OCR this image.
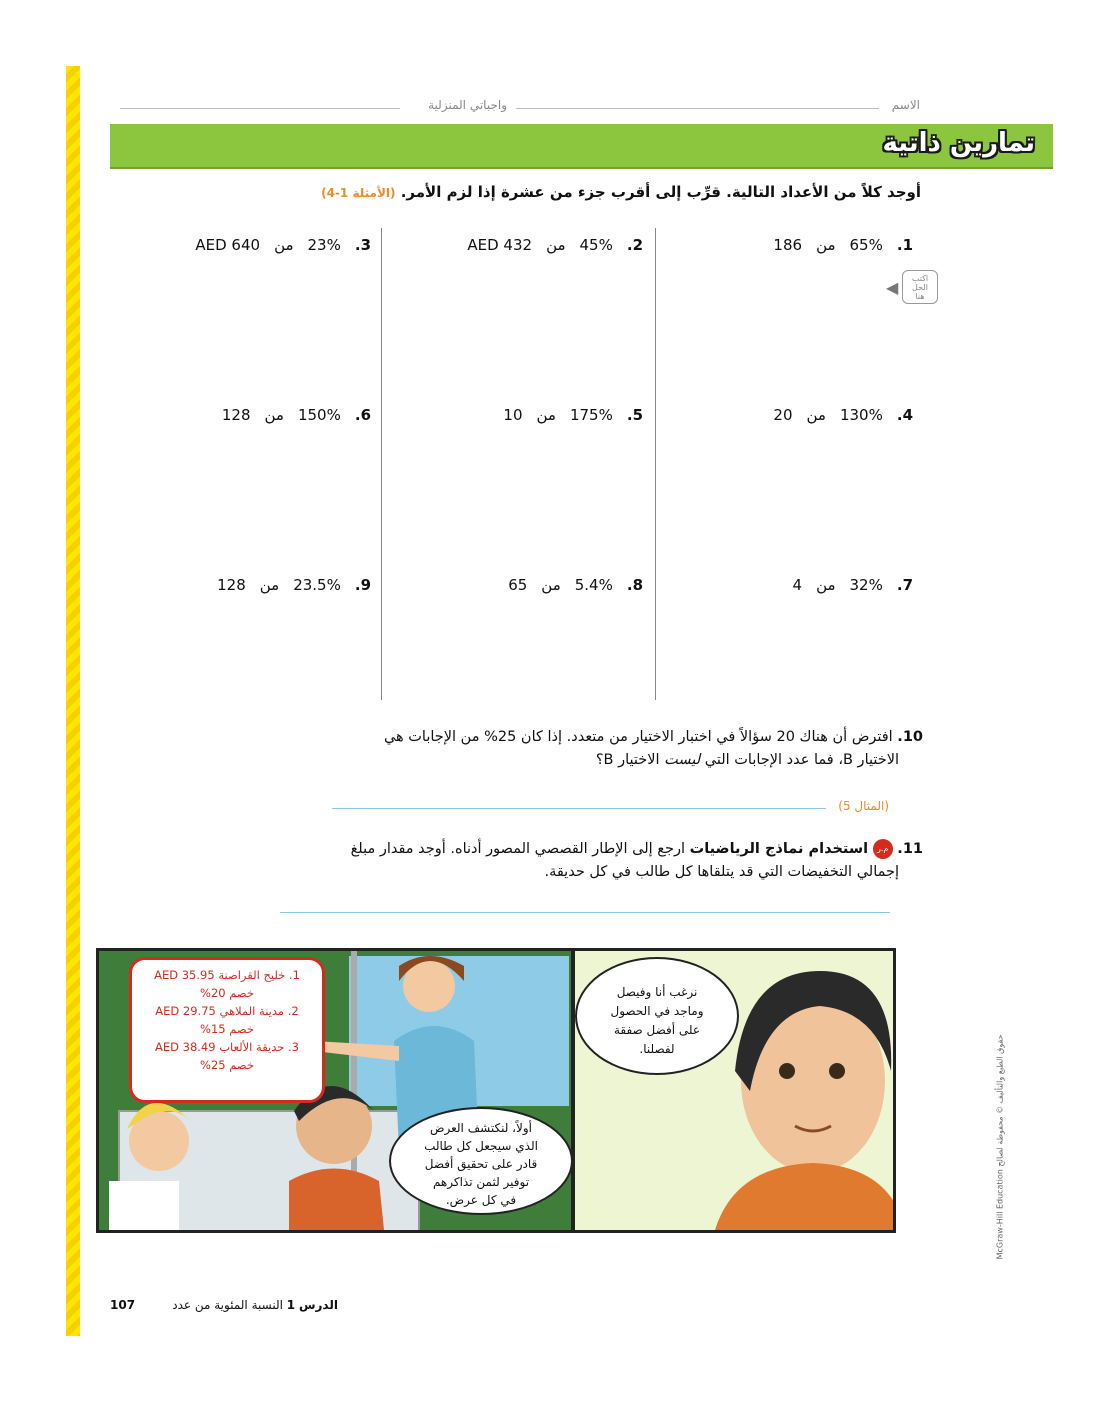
الاسم
واجباتي المنزلية
تمارين ذاتية
أوجد كلاً من الأعداد التالية. قرِّب إلى أقرب جزء من عشرة إذا لزم الأمر. (الأمثلة 1-4)
اكتب
الحل
هنا
◀
1.65%من186
2.45%منAED 432
3.23%منAED 640
4.130%من20
5.175%من10
6.150%من128
7.32%من4
8.5.4%من65
9.23.5%من128
10. افترض أن هناك 20 سؤالاً في اختبار الاختيار من متعدد. إذا كان 25% من الإجابات هي
الاختيار B، فما عدد الإجابات التي ليست الاختيار B؟
(المثال 5)
11. م.ر استخدام نماذج الرياضيات ارجع إلى الإطار القصصي المصور أدناه. أوجد مقدار مبلغ
إجمالي التخفيضات التي قد يتلقاها كل طالب في كل حديقة.
1. خليج القراصنة AED 35.95
خصم 20%
2. مدينة الملاهي AED 29.75
خصم 15%
3. حديقة الألعاب AED 38.49
خصم 25%
أولاً، لنكتشف العرض
الذي سيجعل كل طالب
قادر على تحقيق أفضل
توفير لثمن تذاكرهم
في كل عرض.
نرغب أنا وفيصل
وماجد في الحصول
على أفضل صفقة
لفصلنا.	حقوق الطبع والتأليف © محفوظة لصالح McGraw-Hill Education
107	الدرس 1 النسبة المئوية من عدد
